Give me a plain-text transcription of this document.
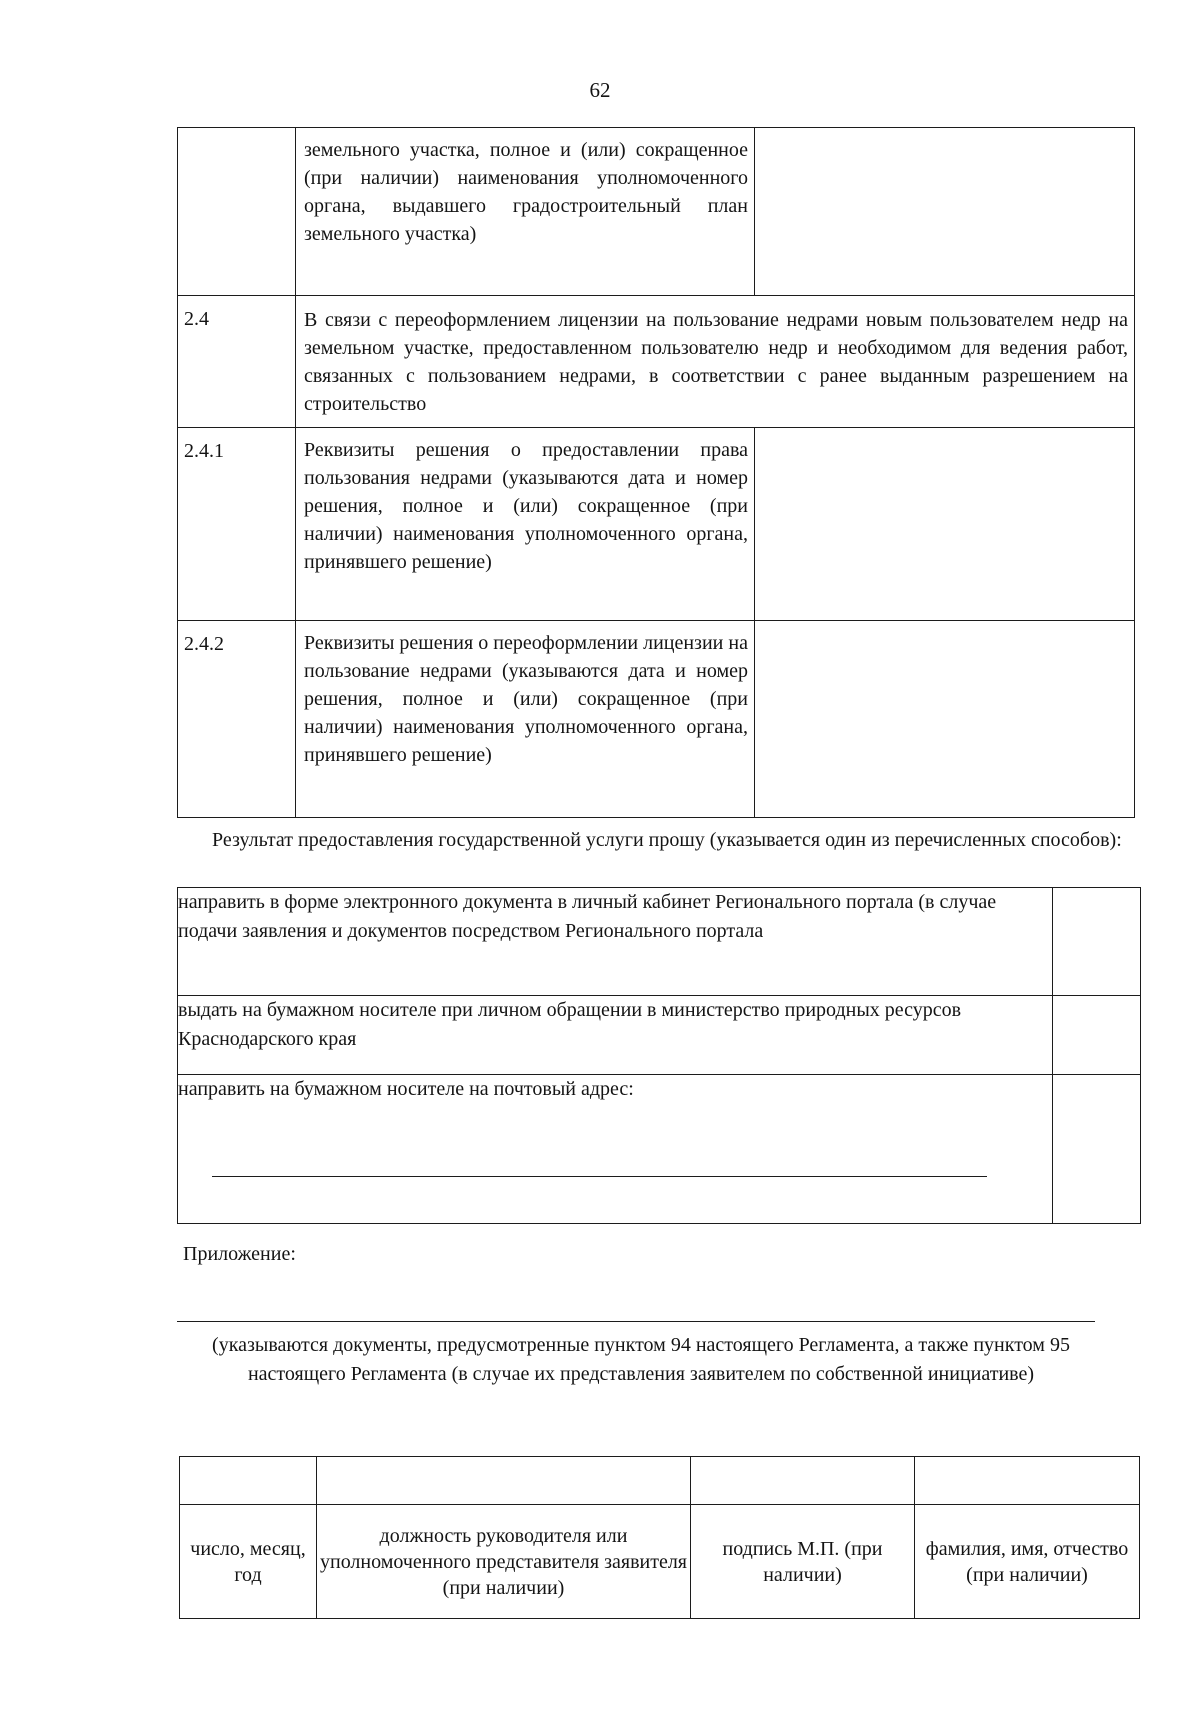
62
	земельного участка, полное и (или) сокращенное (при наличии) наименования уполномоченного органа, выдавшего градостроительный план земельного участка)	
2.4	В связи с переоформлением лицензии на пользование недрами новым пользователем недр на земельном участке, предоставленном пользователю недр и необходимом для ведения работ, связанных с пользованием недрами, в соответствии с ранее выданным разрешением на строительство	
2.4.1	Реквизиты решения о предоставлении права пользования недрами (указываются дата и номер решения, полное и (или) сокращенное (при наличии) наименования уполномоченного органа, принявшего решение)	
2.4.2	Реквизиты решения о переоформлении лицензии на пользование недрами (указываются дата и номер решения, полное и (или) сокращенное (при наличии) наименования уполномоченного органа, принявшего решение)	
Результат предоставления государственной услуги прошу (указывается один из перечисленных способов):
направить в форме электронного документа в личный кабинет Регионального портала (в случае подачи заявления и документов посредством Регионального портала	
выдать на бумажном носителе при личном обращении в министерство природных ресурсов Краснодарского края	
направить на бумажном носителе на почтовый адрес:	
Приложение:
(указываются документы, предусмотренные пунктом 94 настоящего Регламента, а также пунктом 95 настоящего Регламента (в случае их представления заявителем по собственной инициативе)

число, месяц, год	должность руководителя или уполномоченного представителя заявителя (при наличии)	подпись М.П. (при наличии)	фамилия, имя, отчество (при наличии)
